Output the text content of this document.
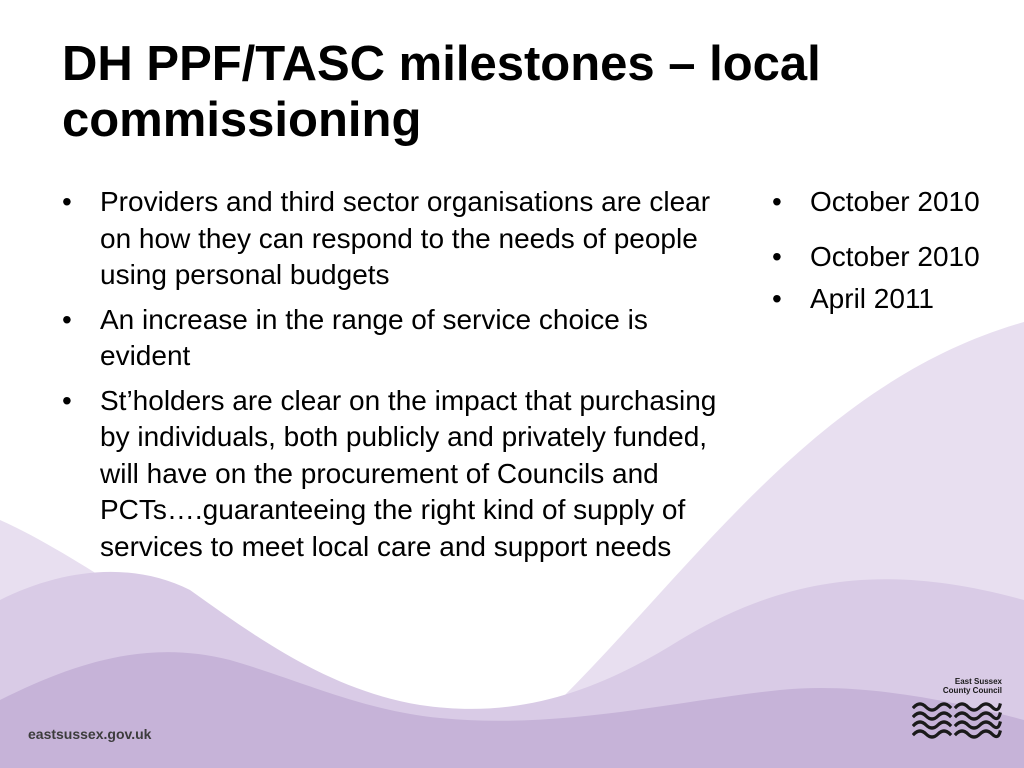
DH PPF/TASC milestones – local commissioning
• Providers and third sector organisations are clear on how they can respond to the needs of people using personal budgets
• An increase in the range of service choice is evident
• St’holders are clear on the impact that purchasing by individuals, both publicly and privately funded, will have on the procurement of Councils and PCTs….guaranteeing the right kind of supply of services to meet local care and support needs
• October 2010
• October 2010
• April 2011
eastsussex.gov.uk
East Sussex
County Council
